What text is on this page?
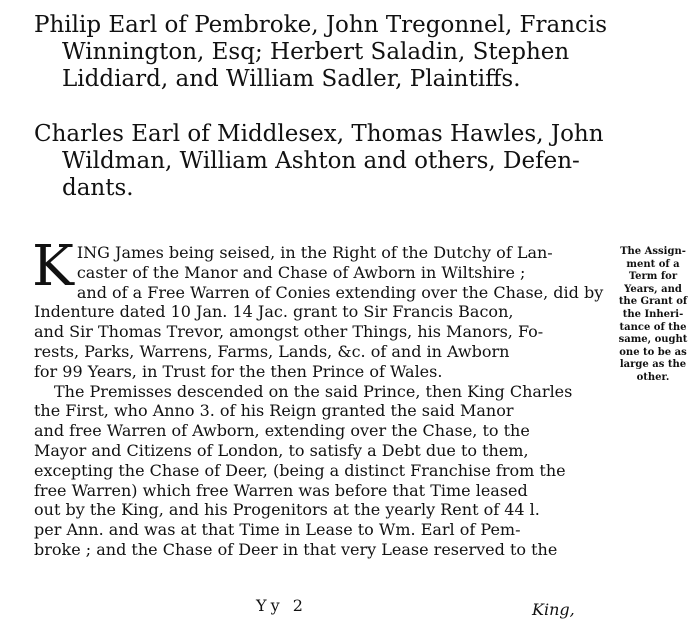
Philip Earl of Pembroke, John Tregonnel, Francis
Winnington, Esq; Herbert Saladin, Stephen
Liddiard, and William Sadler, Plaintiffs.
Charles Earl of Middlesex, Thomas Hawles, John
Wildman, William Ashton and others, Defen-
dants.
K ING James being seised, in the Right of the Dutchy of Lan-
caster of the Manor and Chase of Awborn in Wiltshire ;
and of a Free Warren of Conies extending over the Chase, did by
Indenture dated 10 Jan. 14 Jac. grant to Sir Francis Bacon,
and Sir Thomas Trevor, amongst other Things, his Manors, Fo-
rests, Parks, Warrens, Farms, Lands, &c. of and in Awborn
for 99 Years, in Trust for the then Prince of Wales.
The Premisses descended on the said Prince, then King Charles
the First, who Anno 3. of his Reign granted the said Manor
and free Warren of Awborn, extending over the Chase, to the
Mayor and Citizens of London, to satisfy a Debt due to them,
excepting the Chase of Deer, (being a distinct Franchise from the
free Warren) which free Warren was before that Time leased
out by the King, and his Progenitors at the yearly Rent of 44 l.
per Ann. and was at that Time in Lease to Wm. Earl of Pem-
broke ; and the Chase of Deer in that very Lease reserved to the
The Assign-
ment of a
Term for
Years, and
the Grant of
the Inheri-
tance of the
same, ought
one to be as
large as the
other.
Yy 2	King,
